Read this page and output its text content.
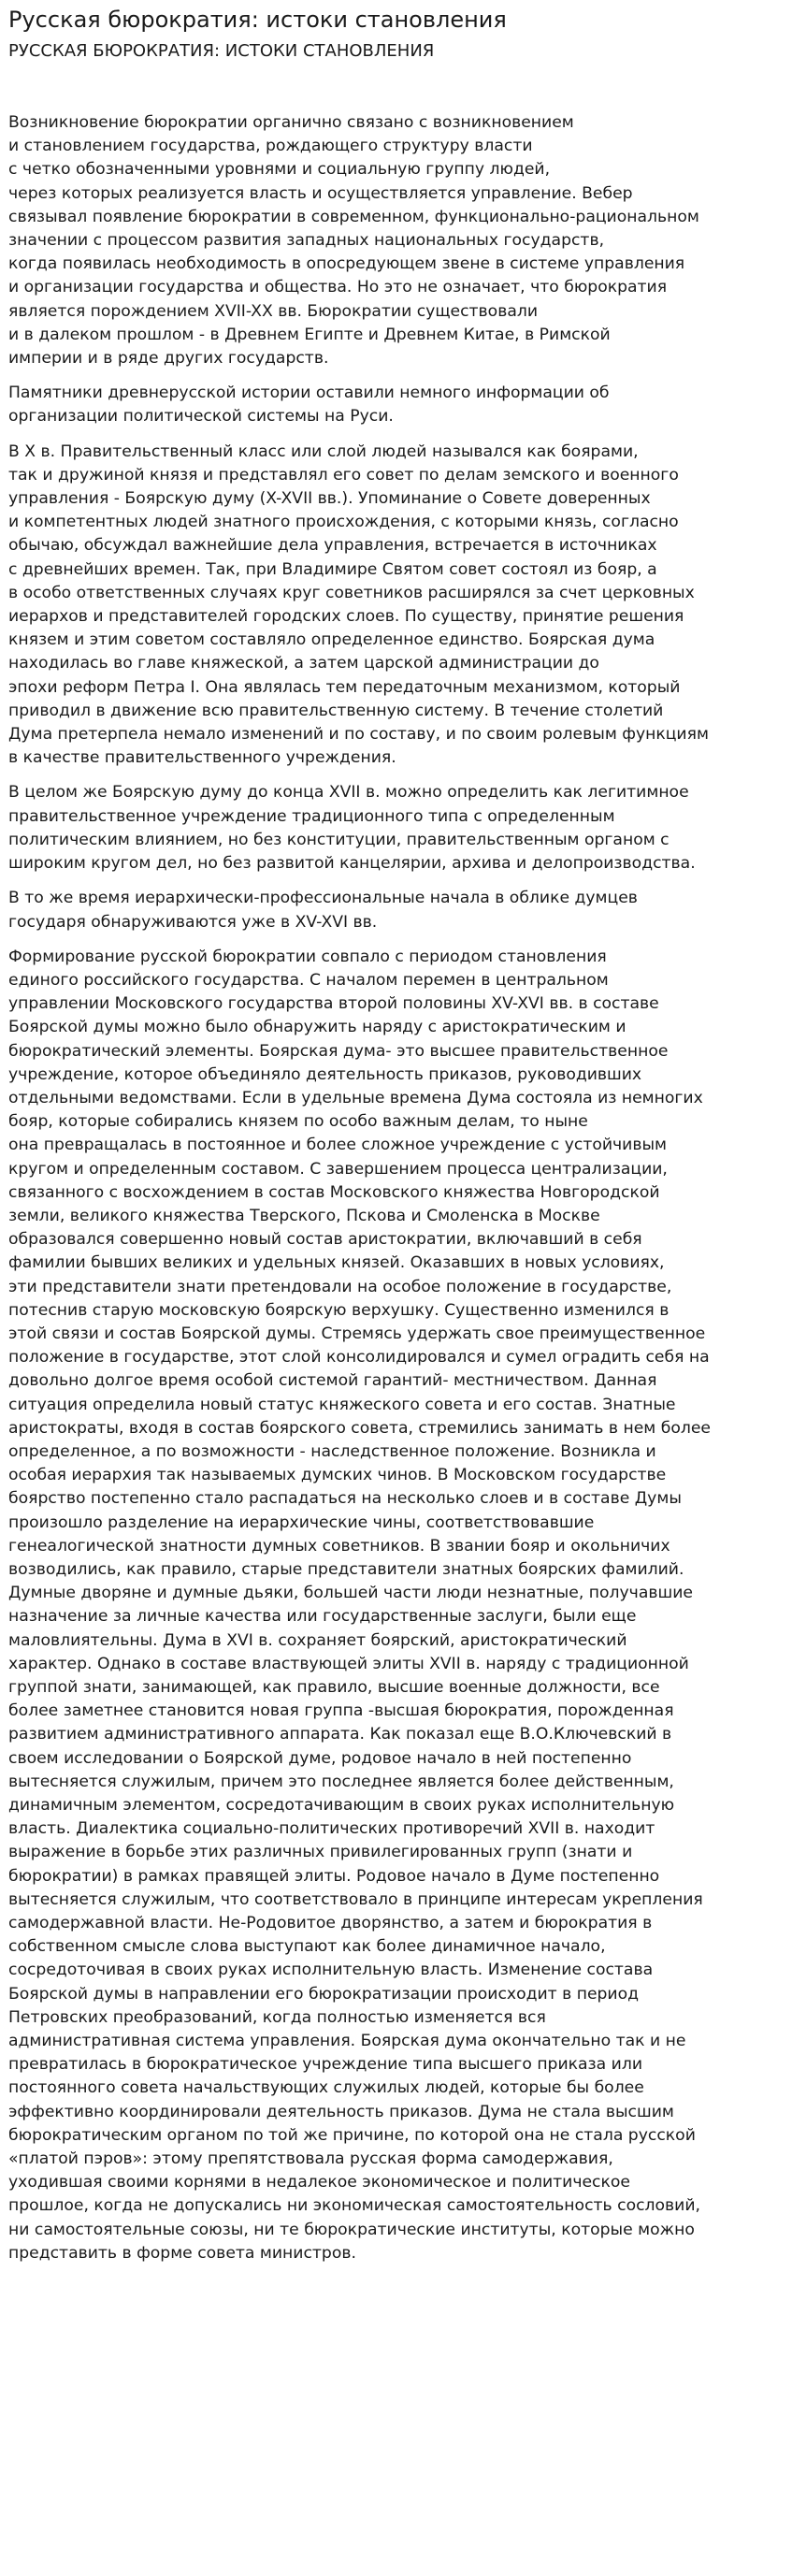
Русская бюрократия: истоки становления
РУССКАЯ БЮРОКРАТИЯ: ИСТОКИ СТАНОВЛЕНИЯ

Возникновение бюрократии органично связано с возникновением
и становлением государства, рождающего структуру власти
с четко обозначенными уровнями и социальную группу людей,
через которых реализуется власть и осуществляется управление. Вебер
связывал появление бюрократии в современном, функционально-рациональном
значении с процессом развития западных национальных государств,
когда появилась необходимость в опосредующем звене в системе управления
и организации государства и общества. Но это не означает, что бюрократия
является порождением XVII-XX вв. Бюрократии существовали
и в далеком прошлом - в Древнем Египте и Древнем Китае, в Римской
империи и в ряде других государств.

Памятники древнерусской истории оставили немного информации об
организации политической системы на Руси.

В X в. Правительственный класс или слой людей назывался как боярами,
так и дружиной князя и представлял его совет по делам земского и военного
управления - Боярскую думу (X-XVII вв.). Упоминание о Совете доверенных
и компетентных людей знатного происхождения, с которыми князь, согласно
обычаю, обсуждал важнейшие дела управления, встречается в источниках
с древнейших времен. Так, при Владимире Святом совет состоял из бояр, а
в особо ответственных случаях круг советников расширялся за счет церковных
иерархов и представителей городских слоев. По существу, принятие решения
князем и этим советом составляло определенное единство. Боярская дума
находилась во главе княжеской, а затем царской администрации до
эпохи реформ Петра I. Она являлась тем передаточным механизмом, который
приводил в движение всю правительственную систему. В течение столетий
Дума претерпела немало изменений и по составу, и по своим ролевым функциям
в качестве правительственного учреждения.

В целом же Боярскую думу до конца XVII в. можно определить как легитимное
правительственное учреждение традиционного типа с определенным
политическим влиянием, но без конституции, правительственным органом с
широким кругом дел, но без развитой канцелярии, архива и делопроизводства.

В то же время иерархически-профессиональные начала в облике думцев
государя обнаруживаются уже в XV-XVI вв.

Формирование русской бюрократии совпало с периодом становления
единого российского государства. С началом перемен в центральном
управлении Московского государства второй половины XV-XVI вв. в составе
Боярской думы можно было обнаружить наряду с аристократическим и
бюрократический элементы. Боярская дума- это высшее правительственное
учреждение, которое объединяло деятельность приказов, руководивших
отдельными ведомствами. Если в удельные времена Дума состояла из немногих
бояр, которые собирались князем по особо важным делам, то ныне
она превращалась в постоянное и более сложное учреждение с устойчивым
кругом и определенным составом. С завершением процесса централизации,
связанного с восхождением в состав Московского княжества Новгородской
земли, великого княжества Тверского, Пскова и Смоленска в Москве
образовался совершенно новый состав аристократии, включавший в себя
фамилии бывших великих и удельных князей. Оказавших в новых условиях,
эти представители знати претендовали на особое положение в государстве,
потеснив старую московскую боярскую верхушку. Существенно изменился в
этой связи и состав Боярской думы. Стремясь удержать свое преимущественное
положение в государстве, этот слой консолидировался и сумел оградить себя на
довольно долгое время особой системой гарантий- местничеством. Данная
ситуация определила новый статус княжеского совета и его состав. Знатные
аристократы, входя в состав боярского совета, стремились занимать в нем более
определенное, а по возможности - наследственное положение. Возникла и
особая иерархия так называемых думских чинов. В Московском государстве
боярство постепенно стало распадаться на несколько слоев и в составе Думы
произошло разделение на иерархические чины, соответствовавшие
генеалогической знатности думных советников. В звании бояр и окольничих
возводились, как правило, старые представители знатных боярских фамилий.
Думные дворяне и думные дьяки, большей части люди незнатные, получавшие
назначение за личные качества или государственные заслуги, были еще
маловлиятельны. Дума в XVI в. сохраняет боярский, аристократический
характер. Однако в составе властвующей элиты XVII в. наряду с традиционной
группой знати, занимающей, как правило, высшие военные должности, все
более заметнее становится новая группа -высшая бюрократия, порожденная
развитием административного аппарата. Как показал еще В.О.Ключевский в
своем исследовании о Боярской думе, родовое начало в ней постепенно
вытесняется служилым, причем это последнее является более действенным,
динамичным элементом, сосредотачивающим в своих руках исполнительную
власть. Диалектика социально-политических противоречий XVII в. находит
выражение в борьбе этих различных привилегированных групп (знати и
бюрократии) в рамках правящей элиты. Родовое начало в Думе постепенно
вытесняется служилым, что соответствовало в принципе интересам укрепления
самодержавной власти. Не-Родовитое дворянство, а затем и бюрократия в
собственном смысле слова выступают как более динамичное начало,
сосредоточивая в своих руках исполнительную власть. Изменение состава
Боярской думы в направлении его бюрократизации происходит в период
Петровских преобразований, когда полностью изменяется вся
административная система управления. Боярская дума окончательно так и не
превратилась в бюрократическое учреждение типа высшего приказа или
постоянного совета начальствующих служилых людей, которые бы более
эффективно координировали деятельность приказов. Дума не стала высшим
бюрократическим органом по той же причине, по которой она не стала русской
«платой пэров»: этому препятствовала русская форма самодержавия,
уходившая своими корнями в недалекое экономическое и политическое
прошлое, когда не допускались ни экономическая самостоятельность сословий,
ни самостоятельные союзы, ни те бюрократические институты, которые можно
представить в форме совета министров.
